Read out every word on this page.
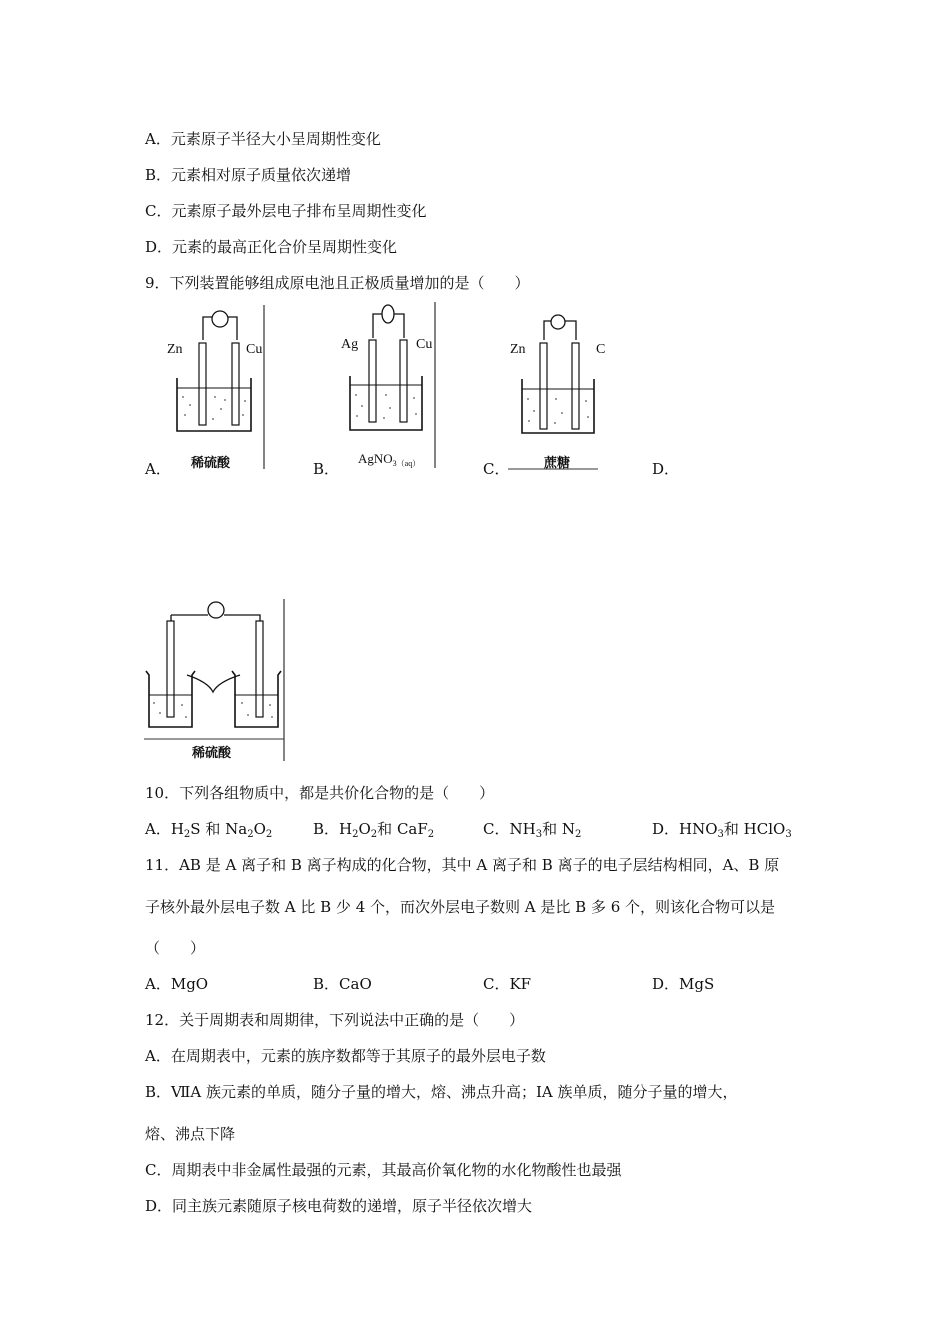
A．元素原子半径大小呈周期性变化
B．元素相对原子质量依次递增
C．元素原子最外层电子排布呈周期性变化
D．元素的最高正化合价呈周期性变化
9．下列装置能够组成原电池且正极质量增加的是（　　）
A．	B．	C．	D．
Zn	Cu
稀硫酸
Ag	Cu
AgNO$_{3(aq)}$
Zn	C
蔗糖
稀硫酸
10．下列各组物质中，都是共价化合物的是（　　）
A．$H_2S$ 和 $Na_2O_2$	B．$H_2O_2$和 CaF$_2$	C．$NH_3$和 $N_2$	D．$HNO_3$和 HClO$_3$
11．AB 是 A 离子和 B 离子构成的化合物，其中 A 离子和 B 离子的电子层结构相同，A、B 原
子核外最外层电子数 A 比 B 少 4 个，而次外层电子数则 A 是比 B 多 6 个，则该化合物可以是
（　　）
A．MgO	B．CaO	C．KF	D．MgS
12．关于周期表和周期律，下列说法中正确的是（　　）
A．在周期表中，元素的族序数都等于其原子的最外层电子数
B．ⅦA 族元素的单质，随分子量的增大，熔、沸点升高；ⅠA 族单质，随分子量的增大，
熔、沸点下降
C．周期表中非金属性最强的元素，其最高价氧化物的水化物酸性也最强
D．同主族元素随原子核电荷数的递增，原子半径依次增大
